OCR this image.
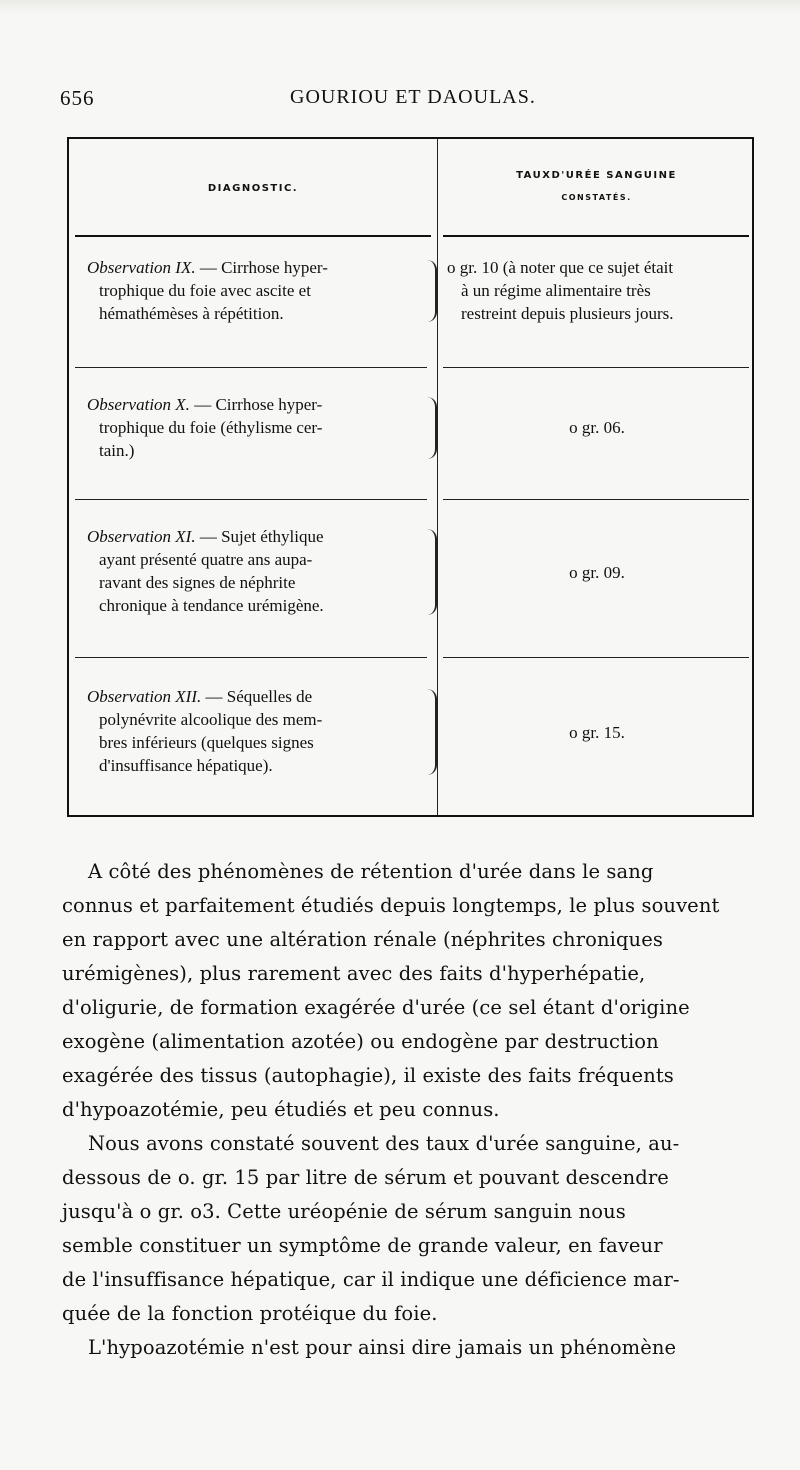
656	GOURIOU ET DAOULAS.
DIAGNOSTIC.
TAUXD'URÉE SANGUINE
CONSTATÉS.
Observation IX. — Cirrhose hyper-
trophique du foie avec ascite et
hémathémèses à répétition.
o gr. 10 (à noter que ce sujet était
à un régime alimentaire très
restreint depuis plusieurs jours.
Observation X. — Cirrhose hyper-
trophique du foie (éthylisme cer-
tain.)
o gr. 06.
Observation XI. — Sujet éthylique
ayant présenté quatre ans aupa-
ravant des signes de néphrite
chronique à tendance urémigène.
o gr. 09.
Observation XII. — Séquelles de
polynévrite alcoolique des mem-
bres inférieurs (quelques signes
d'insuffisance hépatique).
o gr. 15.
A côté des phénomènes de rétention d'urée dans le sang
connus et parfaitement étudiés depuis longtemps, le plus souvent
en rapport avec une altération rénale (néphrites chroniques
urémigènes), plus rarement avec des faits d'hyperhépatie,
d'oligurie, de formation exagérée d'urée (ce sel étant d'origine
exogène (alimentation azotée) ou endogène par destruction
exagérée des tissus (autophagie), il existe des faits fréquents
d'hypoazotémie, peu étudiés et peu connus.
Nous avons constaté souvent des taux d'urée sanguine, au-
dessous de o. gr. 15 par litre de sérum et pouvant descendre
jusqu'à o gr. o3. Cette uréopénie de sérum sanguin nous
semble constituer un symptôme de grande valeur, en faveur
de l'insuffisance hépatique, car il indique une déficience mar-
quée de la fonction protéique du foie.
L'hypoazotémie n'est pour ainsi dire jamais un phénomène
